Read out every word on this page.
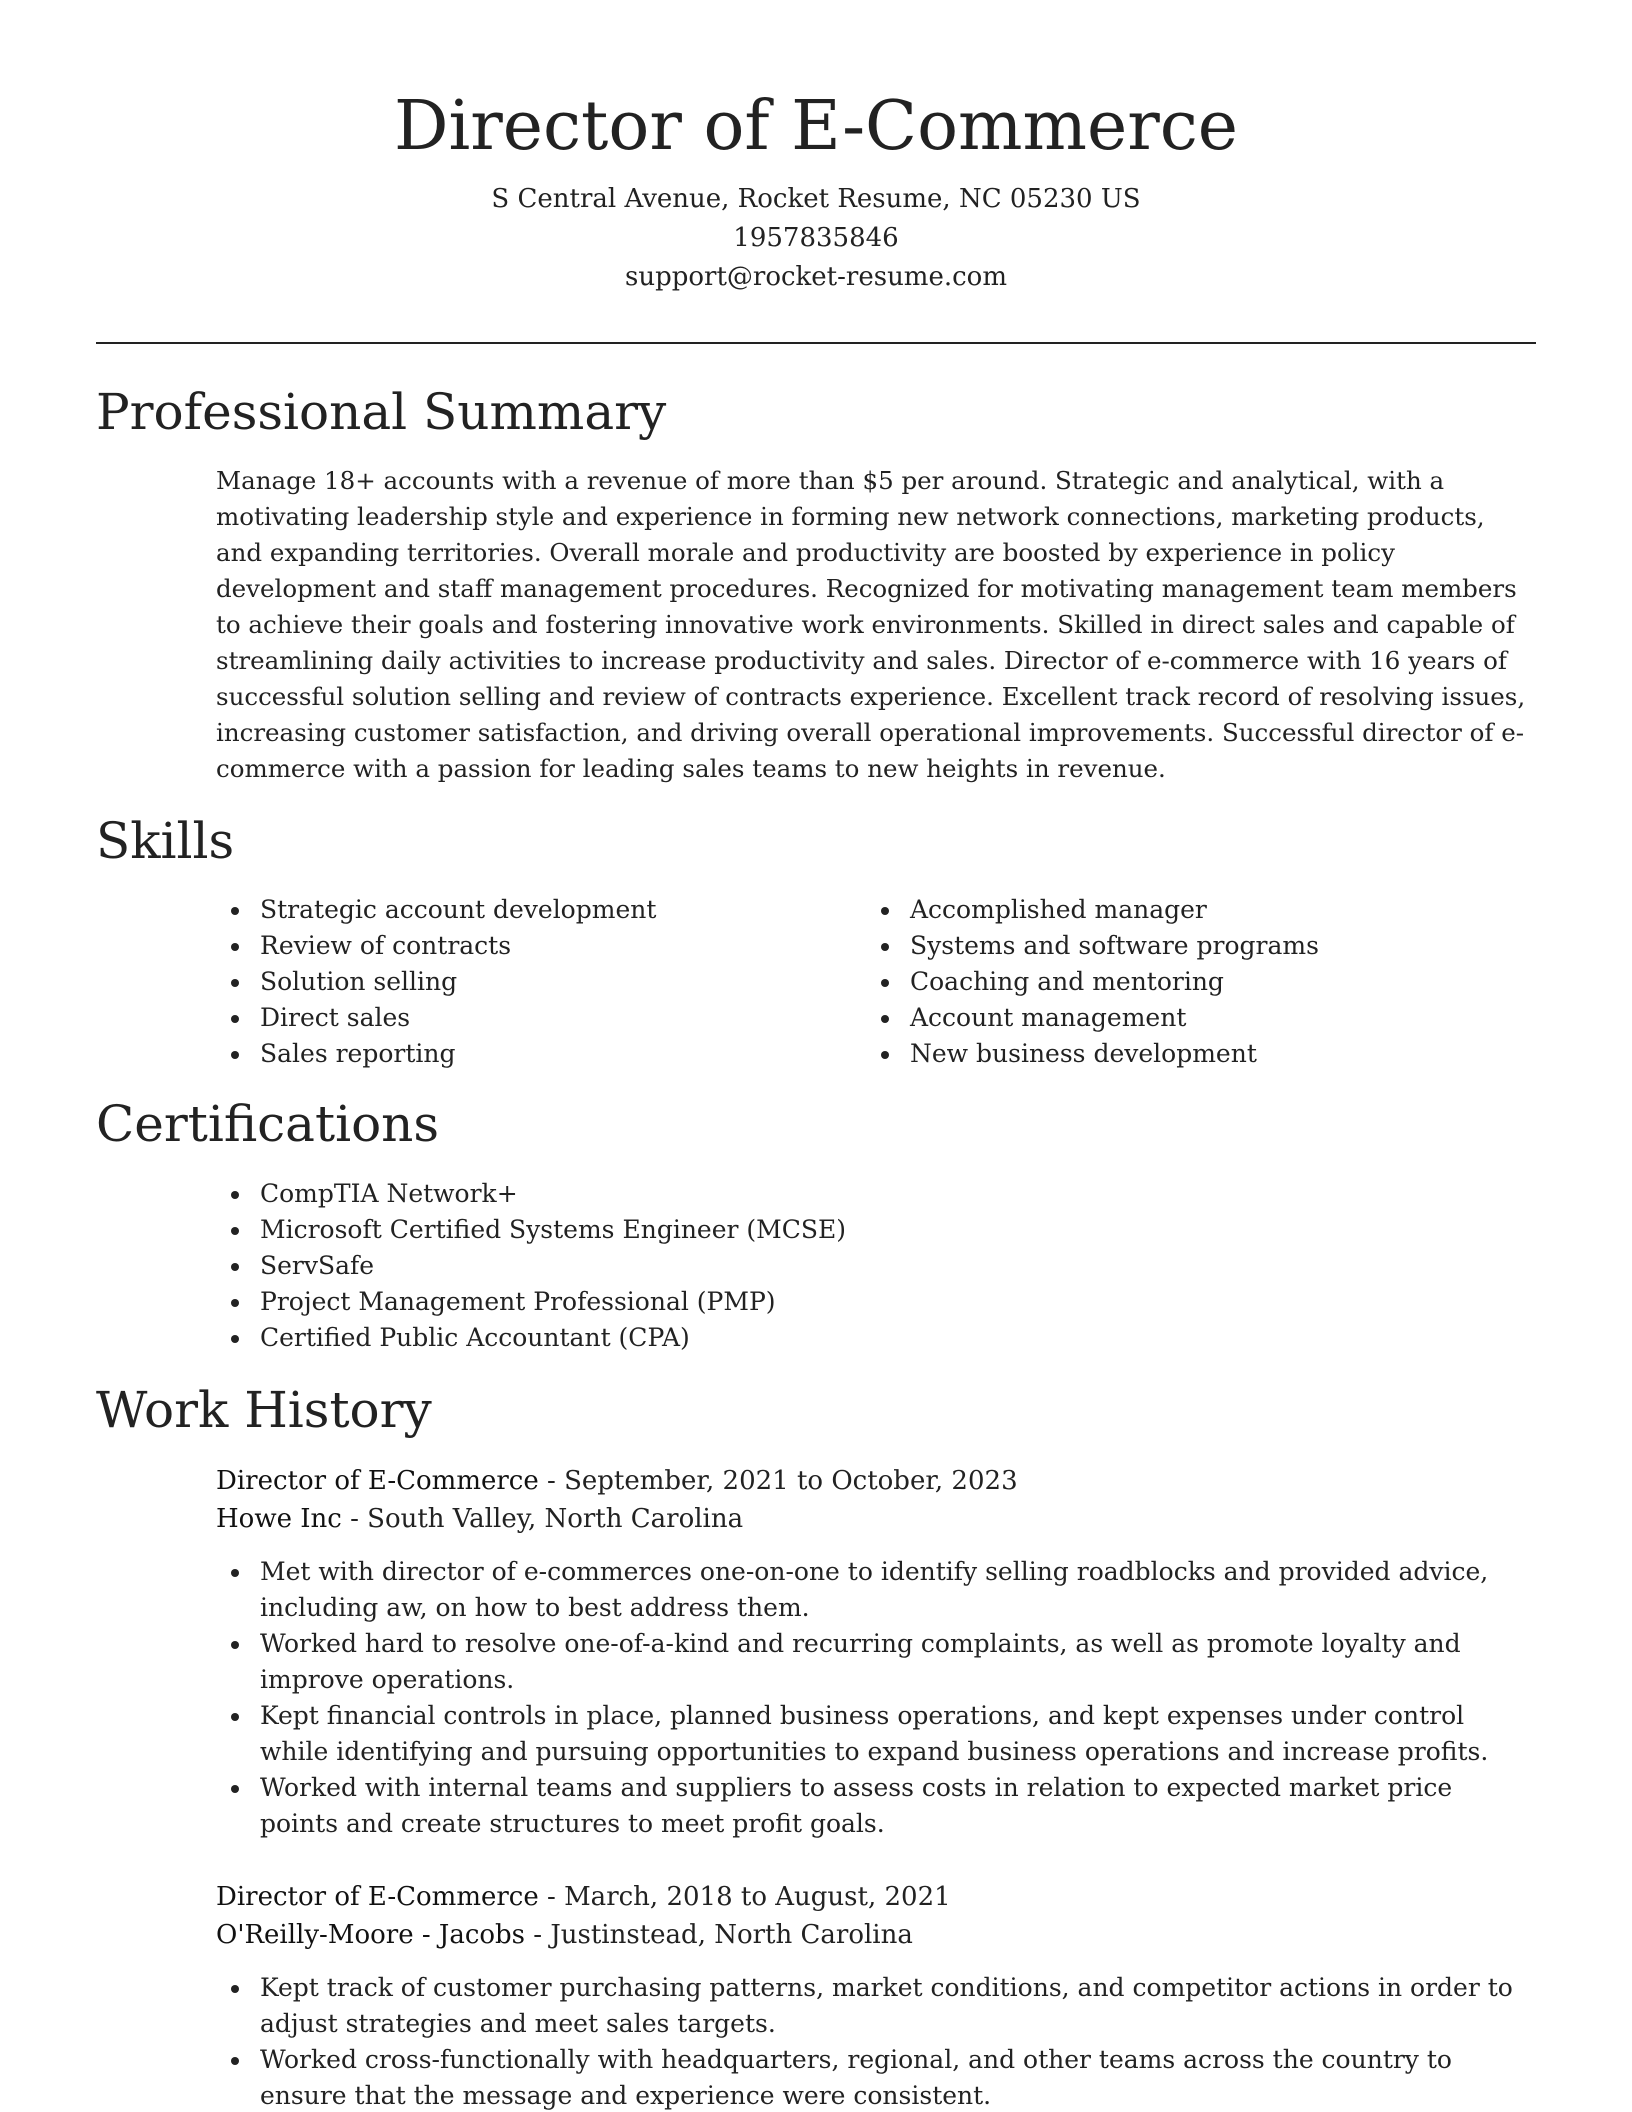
Director of E-Commerce
S Central Avenue, Rocket Resume, NC 05230 US
1957835846
support@rocket-resume.com
Professional Summary

Manage 18+ accounts with a revenue of more than $5 per around. Strategic and analytical, with a motivating leadership style and experience in forming new network connections, marketing products, and expanding territories. Overall morale and productivity are boosted by experience in policy development and staff management procedures. Recognized for motivating management team members to achieve their goals and fostering innovative work environments. Skilled in direct sales and capable of streamlining daily activities to increase productivity and sales. Director of e-commerce with 16 years of successful solution selling and review of contracts experience. Excellent track record of resolving issues, increasing customer satisfaction, and driving overall operational improvements. Successful director of e-commerce with a passion for leading sales teams to new heights in revenue.

Skills
Strategic account development
Review of contracts
Solution selling
Direct sales
Sales reporting
Accomplished manager
Systems and software programs
Coaching and mentoring
Account management
New business development
Certifications
CompTIA Network+
Microsoft Certified Systems Engineer (MCSE)
ServSafe
Project Management Professional (PMP)
Certified Public Accountant (CPA)
Work History
Director of E-Commerce - September, 2021 to October, 2023
Howe Inc - South Valley, North Carolina
Met with director of e-commerces one-on-one to identify selling roadblocks and provided advice, including aw, on how to best address them.
Worked hard to resolve one-of-a-kind and recurring complaints, as well as promote loyalty and improve operations.
Kept financial controls in place, planned business operations, and kept expenses under control while identifying and pursuing opportunities to expand business operations and increase profits.
Worked with internal teams and suppliers to assess costs in relation to expected market price points and create structures to meet profit goals.
Director of E-Commerce - March, 2018 to August, 2021
O'Reilly-Moore - Jacobs - Justinstead, North Carolina
Kept track of customer purchasing patterns, market conditions, and competitor actions in order to adjust strategies and meet sales targets.
Worked cross-functionally with headquarters, regional, and other teams across the country to ensure that the message and experience were consistent.
